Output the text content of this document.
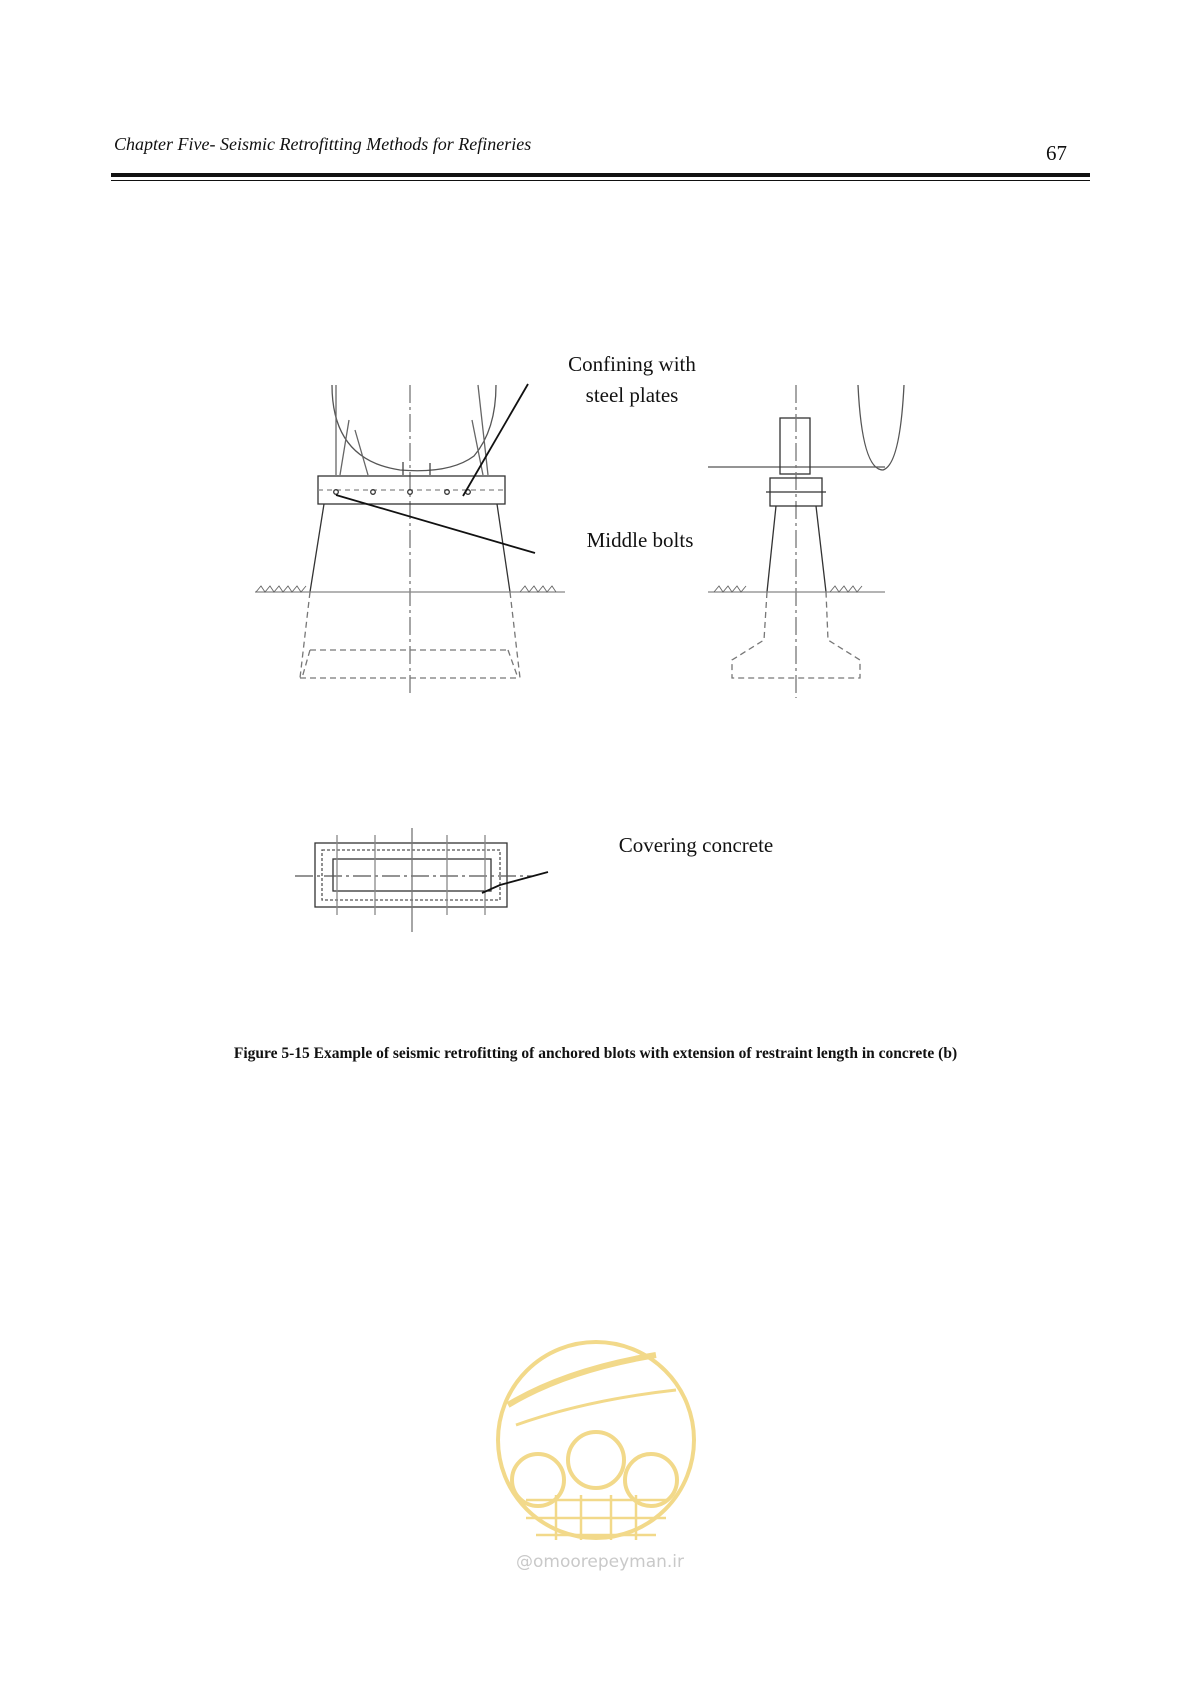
Chapter Five- Seismic Retrofitting Methods for Refineries	67
Confining with
steel plates
Middle bolts
Covering concrete
Figure 5-15 Example of seismic retrofitting of anchored blots with extension of restraint length in concrete (b)
@omoorepeyman.ir
